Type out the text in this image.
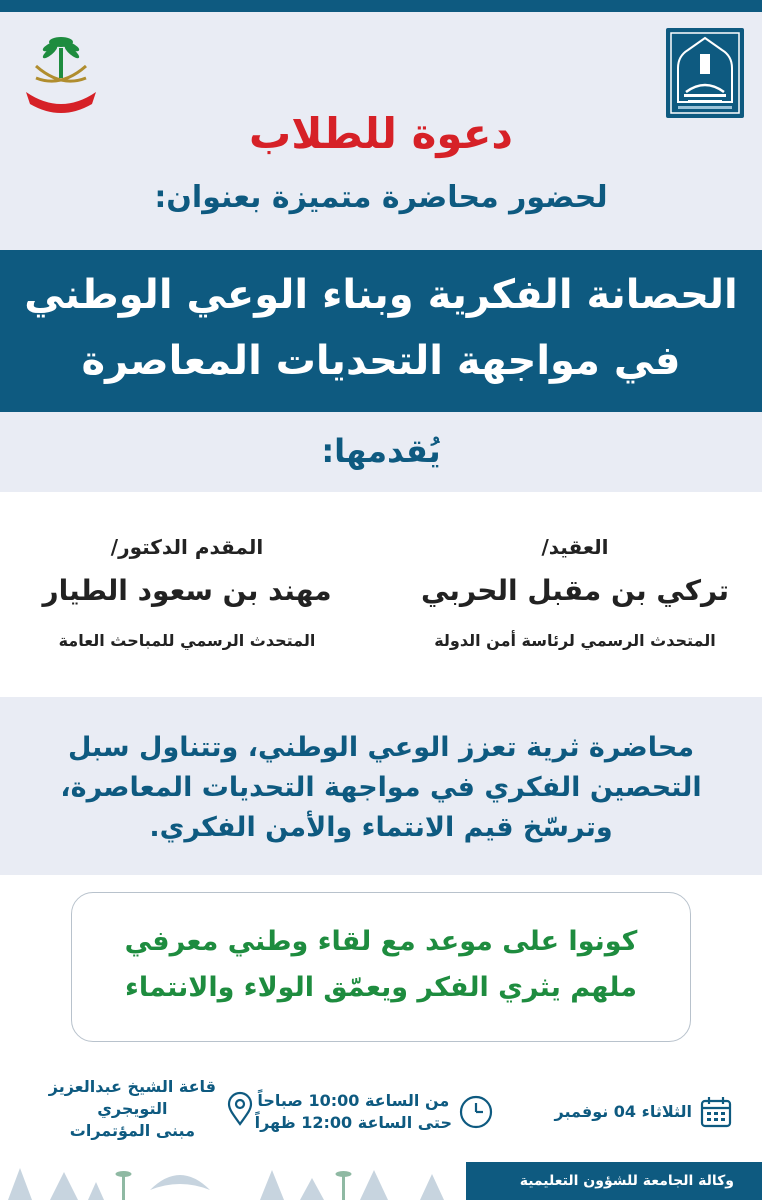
دعوة للطلاب
لحضور محاضرة متميزة بعنوان:
الحصانة الفكرية وبناء الوعي الوطني
في مواجهة التحديات المعاصرة
يُقدمها:
العقيد/
تركي بن مقبل الحربي
المتحدث الرسمي لرئاسة أمن الدولة
المقدم الدكتور/
مهند بن سعود الطيار
المتحدث الرسمي للمباحث العامة
محاضرة ثرية تعزز الوعي الوطني، وتتناول سبل
التحصين الفكري في مواجهة التحديات المعاصرة،
وترسّخ قيم الانتماء والأمن الفكري.
كونوا على موعد مع لقاء وطني معرفي
ملهم يثري الفكر ويعمّق الولاء والانتماء
الثلاثاء 04 نوفمبر
من الساعة 10:00 صباحاً
حتى الساعة 12:00 ظهراً
قاعة الشيخ عبدالعزيز
التويجري
مبنى المؤتمرات
وكالة الجامعة للشؤون التعليمية
